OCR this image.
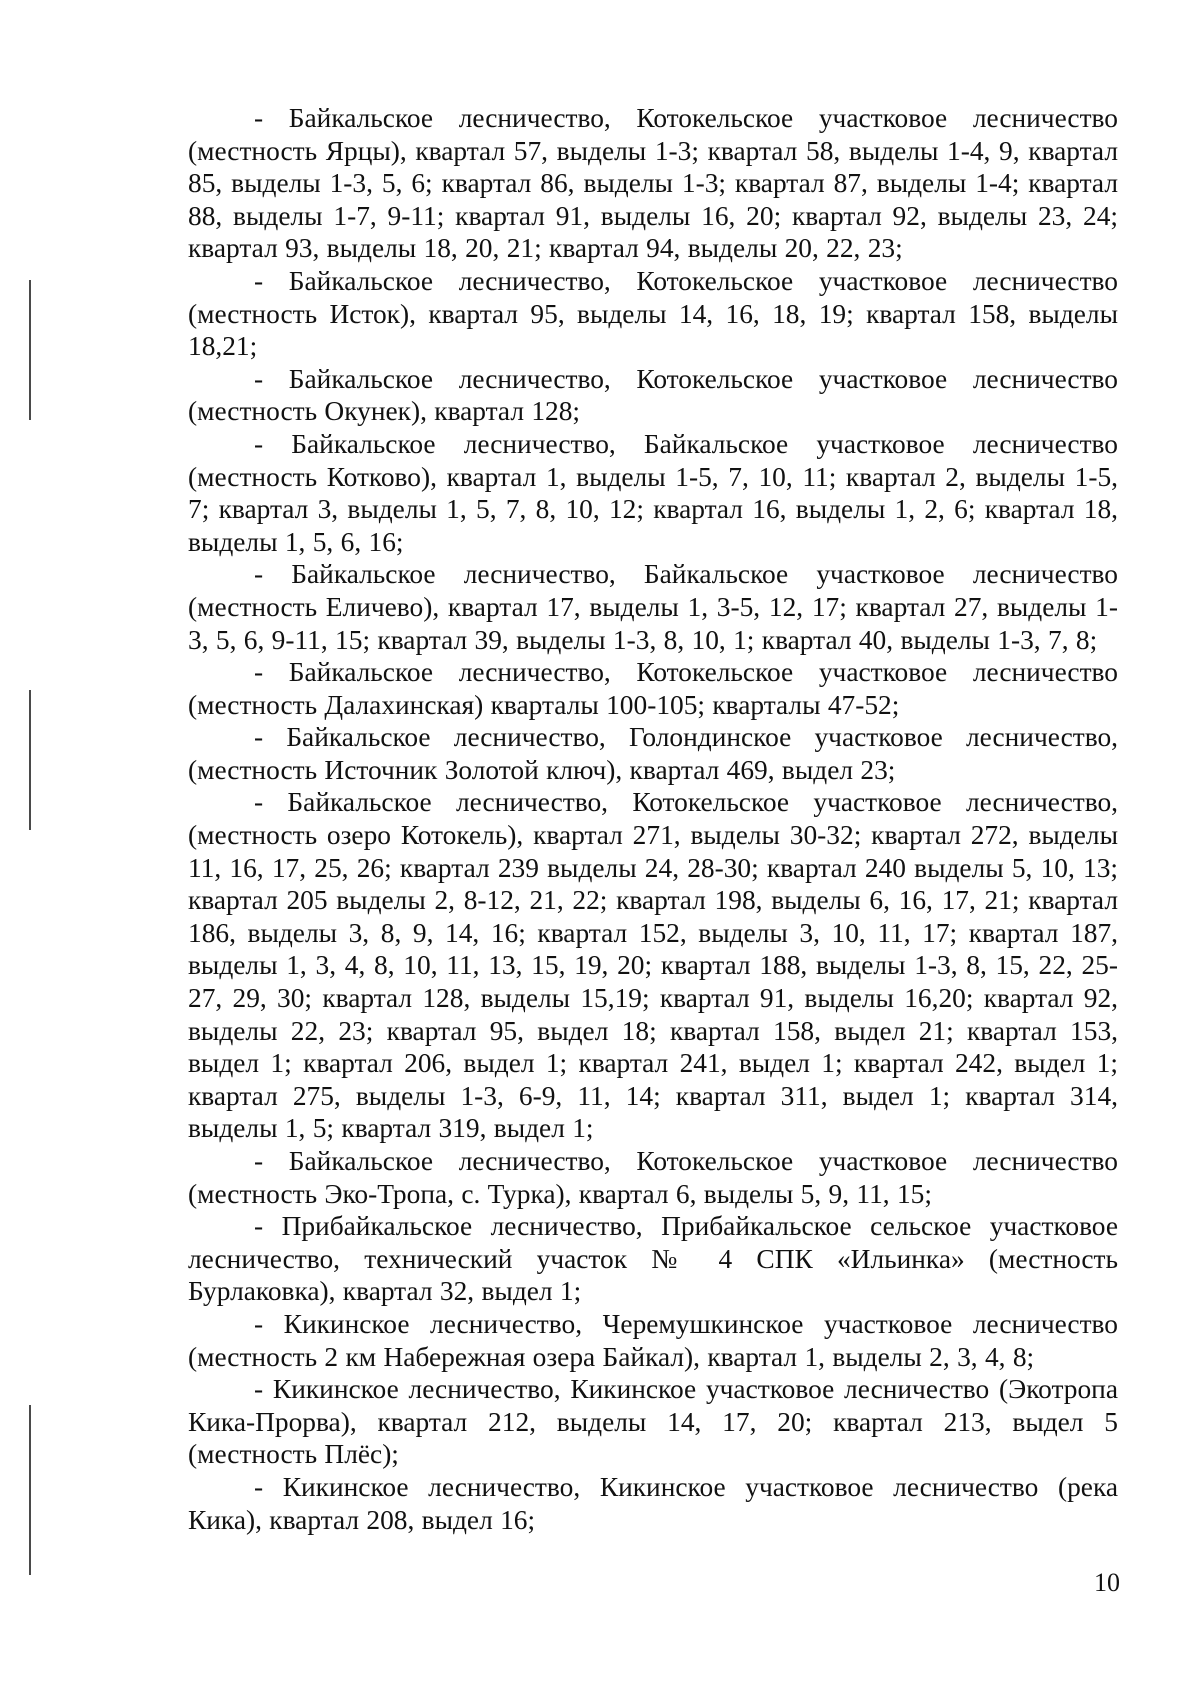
- Байкальское лесничество, Котокельское участковое лесничество (местность Ярцы), квартал 57, выделы 1-3; квартал 58, выделы 1-4, 9, квартал 85, выделы 1-3, 5, 6; квартал 86, выделы 1-3; квартал 87, выделы 1-4; квартал 88, выделы 1-7, 9-11; квартал 91, выделы 16, 20; квартал 92, выделы 23, 24; квартал 93, выделы 18, 20, 21; квартал 94, выделы 20, 22, 23;

- Байкальское лесничество, Котокельское участковое лесничество (местность Исток), квартал 95, выделы 14, 16, 18, 19; квартал 158, выделы 18,21;

- Байкальское лесничество, Котокельское участковое лесничество (местность Окунек), квартал 128;

- Байкальское лесничество, Байкальское участковое лесничество (местность Котково), квартал 1, выделы 1-5, 7, 10, 11; квартал 2, выделы 1-5, 7; квартал 3, выделы 1, 5, 7, 8, 10, 12; квартал 16, выделы 1, 2, 6; квартал 18, выделы 1, 5, 6, 16;

- Байкальское лесничество, Байкальское участковое лесничество (местность Еличево), квартал 17, выделы 1, 3-5, 12, 17; квартал 27, выделы 1-3, 5, 6, 9-11, 15; квартал 39, выделы 1-3, 8, 10, 1; квартал 40, выделы 1-3, 7, 8;

- Байкальское лесничество, Котокельское участковое лесничество (местность Далахинская) кварталы 100-105; кварталы 47-52;

- Байкальское лесничество, Голондинское участковое лесничество, (местность Источник Золотой ключ), квартал 469, выдел 23;

- Байкальское лесничество, Котокельское участковое лесничество, (местность озеро Котокель), квартал 271, выделы 30-32; квартал 272, выделы 11, 16, 17, 25, 26; квартал 239 выделы 24, 28-30; квартал 240 выделы 5, 10, 13; квартал 205 выделы 2, 8-12, 21, 22; квартал 198, выделы 6, 16, 17, 21; квартал 186, выделы 3, 8, 9, 14, 16; квартал 152, выделы 3, 10, 11, 17; квартал 187, выделы 1, 3, 4, 8, 10, 11, 13, 15, 19, 20; квартал 188, выделы 1-3, 8, 15, 22, 25-27, 29, 30; квартал 128, выделы 15,19; квартал 91, выделы 16,20; квартал 92, выделы 22, 23; квартал 95, выдел 18; квартал 158, выдел 21; квартал 153, выдел 1; квартал 206, выдел 1; квартал 241, выдел 1; квартал 242, выдел 1; квартал 275, выделы 1-3, 6-9, 11, 14; квартал 311, выдел 1; квартал 314, выделы 1, 5; квартал 319, выдел 1;

- Байкальское лесничество, Котокельское участковое лесничество (местность Эко-Тропа, с. Турка), квартал 6, выделы 5, 9, 11, 15;

- Прибайкальское лесничество, Прибайкальское сельское участковое лесничество, технический участок № 4 СПК «Ильинка» (местность Бурлаковка), квартал 32, выдел 1;

- Кикинское лесничество, Черемушкинское участковое лесничество (местность 2 км Набережная озера Байкал), квартал 1, выделы 2, 3, 4, 8;

- Кикинское лесничество, Кикинское участковое лесничество (Экотропа Кика-Прорва), квартал 212, выделы 14, 17, 20; квартал 213, выдел 5 (местность Плёс);

- Кикинское лесничество, Кикинское участковое лесничество (река Кика), квартал 208, выдел 16;

10
